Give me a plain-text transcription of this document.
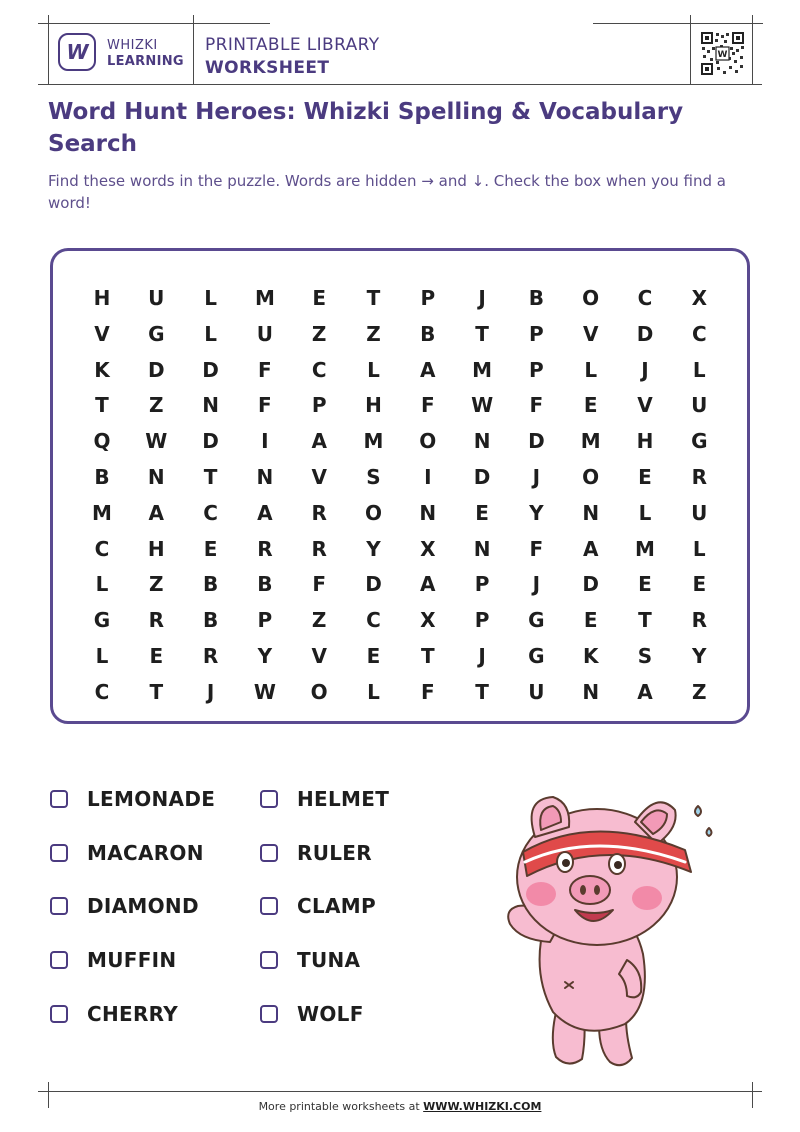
W WHIZKI
LEARNING
PRINTABLE LIBRARY
WORKSHEET
W
Word Hunt Heroes: Whizki Spelling & Vocabulary Search
Find these words in the puzzle. Words are hidden → and ↓. Check the box when you find a word!
H	U	L	M	E	T	P	J	B	O	C	X
V	G	L	U	Z	Z	B	T	P	V	D	C
K	D	D	F	C	L	A	M	P	L	J	L
T	Z	N	F	P	H	F	W	F	E	V	U
Q	W	D	I	A	M	O	N	D	M	H	G
B	N	T	N	V	S	I	D	J	O	E	R
M	A	C	A	R	O	N	E	Y	N	L	U
C	H	E	R	R	Y	X	N	F	A	M	L
L	Z	B	B	F	D	A	P	J	D	E	E
G	R	B	P	Z	C	X	P	G	E	T	R
L	E	R	Y	V	E	T	J	G	K	S	Y
C	T	J	W	O	L	F	T	U	N	A	Z
LEMONADE
MACARON
DIAMOND
MUFFIN
CHERRY
HELMET
RULER
CLAMP
TUNA
WOLF
More printable worksheets at WWW.WHIZKI.COM
